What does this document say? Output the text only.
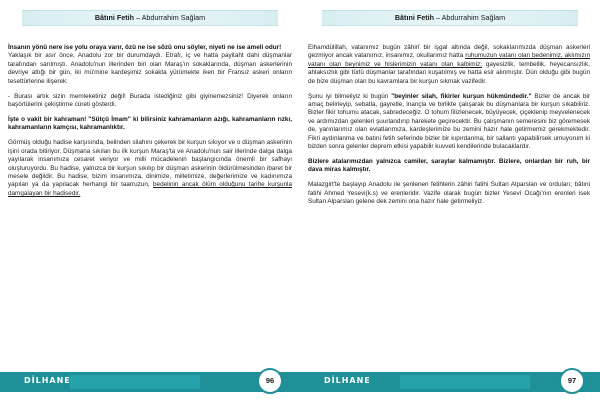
Bâtıni Fetih – Abdurrahim Sağlam

İnsanın yönü nere ise yolu oraya varır, özü ne ise sözü onu söyler, niyeti ne ise ameli odur!
Yaklaşık bir asır önce, Anadolu zor bir durumdaydı. Etrafı, iç ve hatta payitaht dahi düşmanlar tarafından sarılmıştı. Anadolu'nun illerinden biri olan Maraş'ın sokaklarında, düşman askerlerinin devriye attığı bir gün, iki mü'mine kardeşimiz sokakta yürümekte iken bir Fransız askeri onların tesettürlerine ilişerek:

- Burası artık sizin memleketiniz değil! Burada istediğiniz gibi giyinemezsiniz! Diyerek onların başörtülerini çekiştirme cüreti gösterdi.

İşte o vakit bir kahraman! ''Sütçü İmam'' ki bilirsiniz kahramanların azığı, kahramanların rızkı, kahramanların kamçısı, kahramanlıktır.

Görmüş olduğu hadise karşısında, belinden silahını çekerek bir kurşun sıkıyor ve o düşman askerinin işini orada bitiriyor. Düşmana sıkılan bu ilk kurşun Maraş'ta ve Anadolu'nun sair illerinde dalga dalga yayılarak insanımıza cesaret veriyor ve milli mücadelenin başlangıcında önemli bir safhayı oluşturuyordu. Bu hadise, yalnızca bir kurşun sıkılıp bir düşman askerinin öldürülmesinden ibaret bir mesele değildir. Bu hadise, bizim insanımıza, dinimize, milletimize, değerlerimize ve kadınımıza yapılan ya da yapılacak herhangi bir taarruzun, bedelinin ancak ölüm olduğunu tarihe kurşunla damgalayan bir hadisedir.

DİLHANE	96
Bâtıni Fetih – Abdurrahim Sağlam

Elhamdülillah, vatanımız bugün zâhirî bir işgal altında değil, sokaklarımızda düşman askerleri gezmiyor ancak vatanımız, insanımız, okullarımız hatta ruhumuzun vatanı olan bedenimiz, aklımızın vatanı olan beynimiz ve hislerimizin vatanı olan kalbimiz; gayesizlik, tembellik, heyecansızlık, ahlaksızlık gibi türlü düşmanlar tarafından kuşatılmış ve hatta esir alınmıştır. Dün olduğu gibi bugün de bize düşman olan bu kavramlara bir kurşun sıkmak vazifedir.

Şunu iyi bilmeliyiz ki bugün "beyinler silah, fikirler kurşun hükmündedir." Bizler de ancak bir amaç belirleyip, sebatla, gayretle, inançla ve birlikte çalışarak bu düşmanlara bir kurşun sıkabiliriz. Bizler fikir tohumu atacak, sabredeceğiz. O tohum filizlenecek, büyüyecek, çiçeklenip meyvelenecek ve ardımızdan gelenleri şuurlandırıp harekete geçirecektir. Bu çalışmanın semeresini biz göremesek de, yarınlarımız olan evlatlarımıza, kardeşlerimize bu zemini hazır hale getirmemiz gerekmektedir. Fikri aydınlanma ve batıni fetih seferinde bizler bir kıpırdanma, bir sallantı yapabilirsek umuyorum ki bizden sonra gelenler deprem etkisi yapabilir kuvveti kendilerinde bulacaklardır.

Bizlere atalarımızdan yalnızca camiler, saraylar kalmamıştır. Bizlere, onlardan bir ruh, bir dava miras kalmıştır.

Malazgirt'te başlayıp Anadolu ile şenlenen fetihlerin zâhiri fatihi Sultan Alparslan ve orduları; bâtıni fatihi Ahmed Yesevi(k.s) ve erenleridir. Vazife olarak bugün bizler Yesevî Ocağı'nın erenleri isek Sultan Alparslan gelene dek zemini ona hazır hale getirmeliyiz.

DİLHANE	97
